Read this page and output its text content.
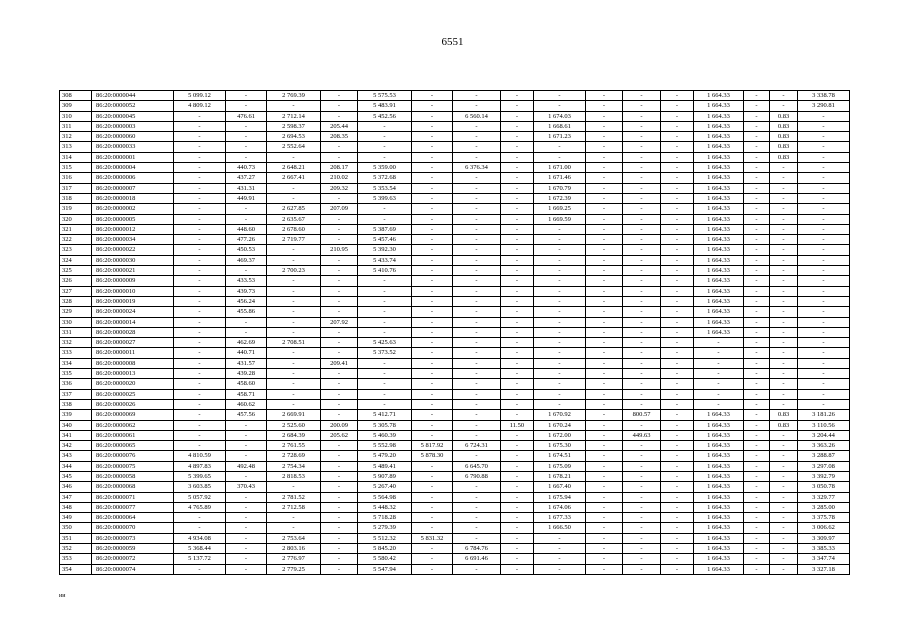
6551
308	86:20:0000044	5 099.12	-	2 769.39	-	5 575.53	-	-	-	-	-	-	-	1 664.33	-	-	3 338.78
309	86:20:0000052	4 809.12	-	-	-	5 483.91	-	-	-	-	-	-	-	1 664.33	-	-	3 290.81
310	86:20:0000045	-	476.61	2 712.14	-	5 452.56	-	6 560.14	-	1 674.03	-	-	-	1 664.33	-	0.83	-
311	86:20:0000003	-	-	2 598.37	205.44	-	-	-	-	1 668.61	-	-	-	1 664.33	-	0.83	-
312	86:20:0000060	-	-	2 694.53	208.35	-	-	-	-	1 671.23	-	-	-	1 664.33	-	0.83	-
313	86:20:0000033	-	-	2 552.64	-	-	-	-	-	-	-	-	-	1 664.33	-	0.83	-
314	86:20:0000001	-	-	-	-	-	-	-	-	-	-	-	-	1 664.33	-	0.83	-
315	86:20:0000004	-	440.73	2 648.21	208.17	5 359.00	-	6 376.34	-	1 671.00	-	-	-	1 664.33	-	-	-
316	86:20:0000006	-	437.27	2 667.41	210.02	5 372.68	-	-	-	1 671.46	-	-	-	1 664.33	-	-	-
317	86:20:0000007	-	431.31	-	209.32	5 353.54	-	-	-	1 670.79	-	-	-	1 664.33	-	-	-
318	86:20:0000018	-	449.91	-	-	5 399.63	-	-	-	1 672.39	-	-	-	1 664.33	-	-	-
319	86:20:0000002	-	-	2 627.85	207.09	-	-	-	-	1 669.25	-	-	-	1 664.33	-	-	-
320	86:20:0000005	-	-	2 635.67	-	-	-	-	-	1 669.59	-	-	-	1 664.33	-	-	-
321	86:20:0000012	-	448.60	2 678.60	-	5 387.69	-	-	-	-	-	-	-	1 664.33	-	-	-
322	86:20:0000034	-	477.26	2 719.77	-	5 457.46	-	-	-	-	-	-	-	1 664.33	-	-	-
323	86:20:0000022	-	450.53	-	210.95	5 392.30	-	-	-	-	-	-	-	1 664.33	-	-	-
324	86:20:0000030	-	469.37	-	-	5 433.74	-	-	-	-	-	-	-	1 664.33	-	-	-
325	86:20:0000021	-	-	2 700.23	-	5 410.76	-	-	-	-	-	-	-	1 664.33	-	-	-
326	86:20:0000009	-	433.53	-	-	-	-	-	-	-	-	-	-	1 664.33	-	-	-
327	86:20:0000010	-	439.73	-	-	-	-	-	-	-	-	-	-	1 664.33	-	-	-
328	86:20:0000019	-	456.24	-	-	-	-	-	-	-	-	-	-	1 664.33	-	-	-
329	86:20:0000024	-	455.86	-	-	-	-	-	-	-	-	-	-	1 664.33	-	-	-
330	86:20:0000014	-	-	-	207.92	-	-	-	-	-	-	-	-	1 664.33	-	-	-
331	86:20:0000028	-	-	-	-	-	-	-	-	-	-	-	-	1 664.33	-	-	-
332	86:20:0000027	-	462.69	2 708.51	-	5 425.63	-	-	-	-	-	-	-	-	-	-	-
333	86:20:0000011	-	440.71	-	-	5 373.52	-	-	-	-	-	-	-	-	-	-	-
334	86:20:0000008	-	431.57	-	209.41	-	-	-	-	-	-	-	-	-	-	-	-
335	86:20:0000013	-	439.28	-	-	-	-	-	-	-	-	-	-	-	-	-	-
336	86:20:0000020	-	458.60	-	-	-	-	-	-	-	-	-	-	-	-	-	-
337	86:20:0000025	-	458.71	-	-	-	-	-	-	-	-	-	-	-	-	-	-
338	86:20:0000026	-	460.62	-	-	-	-	-	-	-	-	-	-	-	-	-	-
339	86:20:0000069	-	457.56	2 669.91	-	5 412.71	-	-	-	1 670.92	-	800.57	-	1 664.33	-	0.83	3 181.26
340	86:20:0000062	-	-	2 525.60	200.09	5 305.78	-	-	11.50	1 670.24	-	-	-	1 664.33	-	0.83	3 110.56
341	86:20:0000061	-	-	2 684.39	205.62	5 460.39	-	-	-	1 672.00	-	449.63	-	1 664.33	-	-	3 204.44
342	86:20:0000065	-	-	2 761.55	-	5 552.98	5 817.92	6 724.31	-	1 675.30	-	-	-	1 664.33	-	-	3 363.26
343	86:20:0000076	4 810.59	-	2 728.69	-	5 479.20	5 878.30	-	-	1 674.51	-	-	-	1 664.33	-	-	3 288.87
344	86:20:0000075	4 897.83	492.48	2 754.34	-	5 489.41	-	6 645.70	-	1 675.09	-	-	-	1 664.33	-	-	3 297.08
345	86:20:0000058	5 399.65	-	2 818.53	-	5 907.89	-	6 790.88	-	1 678.21	-	-	-	1 664.33	-	-	3 392.79
346	86:20:0000068	3 603.85	370.43	-	-	5 267.40	-	-	-	1 667.40	-	-	-	1 664.33	-	-	3 050.78
347	86:20:0000071	5 057.92	-	2 781.52	-	5 564.98	-	-	-	1 675.94	-	-	-	1 664.33	-	-	3 329.77
348	86:20:0000077	4 765.89	-	2 712.58	-	5 448.32	-	-	-	1 674.06	-	-	-	1 664.33	-	-	3 285.00
349	86:20:0000064	-	-	-	-	5 718.28	-	-	-	1 677.33	-	-	-	1 664.33	-	-	3 375.78
350	86:20:0000070	-	-	-	-	5 279.39	-	-	-	1 666.50	-	-	-	1 664.33	-	-	3 006.62
351	86:20:0000073	4 934.08	-	2 753.64	-	5 512.32	5 831.32	-	-	-	-	-	-	1 664.33	-	-	3 309.97
352	86:20:0000059	5 368.44	-	2 803.16	-	5 845.20	-	6 784.76	-	-	-	-	-	1 664.33	-	-	3 385.33
353	86:20:0000072	5 137.72	-	2 776.97	-	5 580.42	-	6 691.46	-	-	-	-	-	1 664.33	-	-	3 347.74
354	86:20:0000074	-	-	2 779.25	-	5 547.94	-	-	-	-	-	-	-	1 664.33	-	-	3 327.18
ии
